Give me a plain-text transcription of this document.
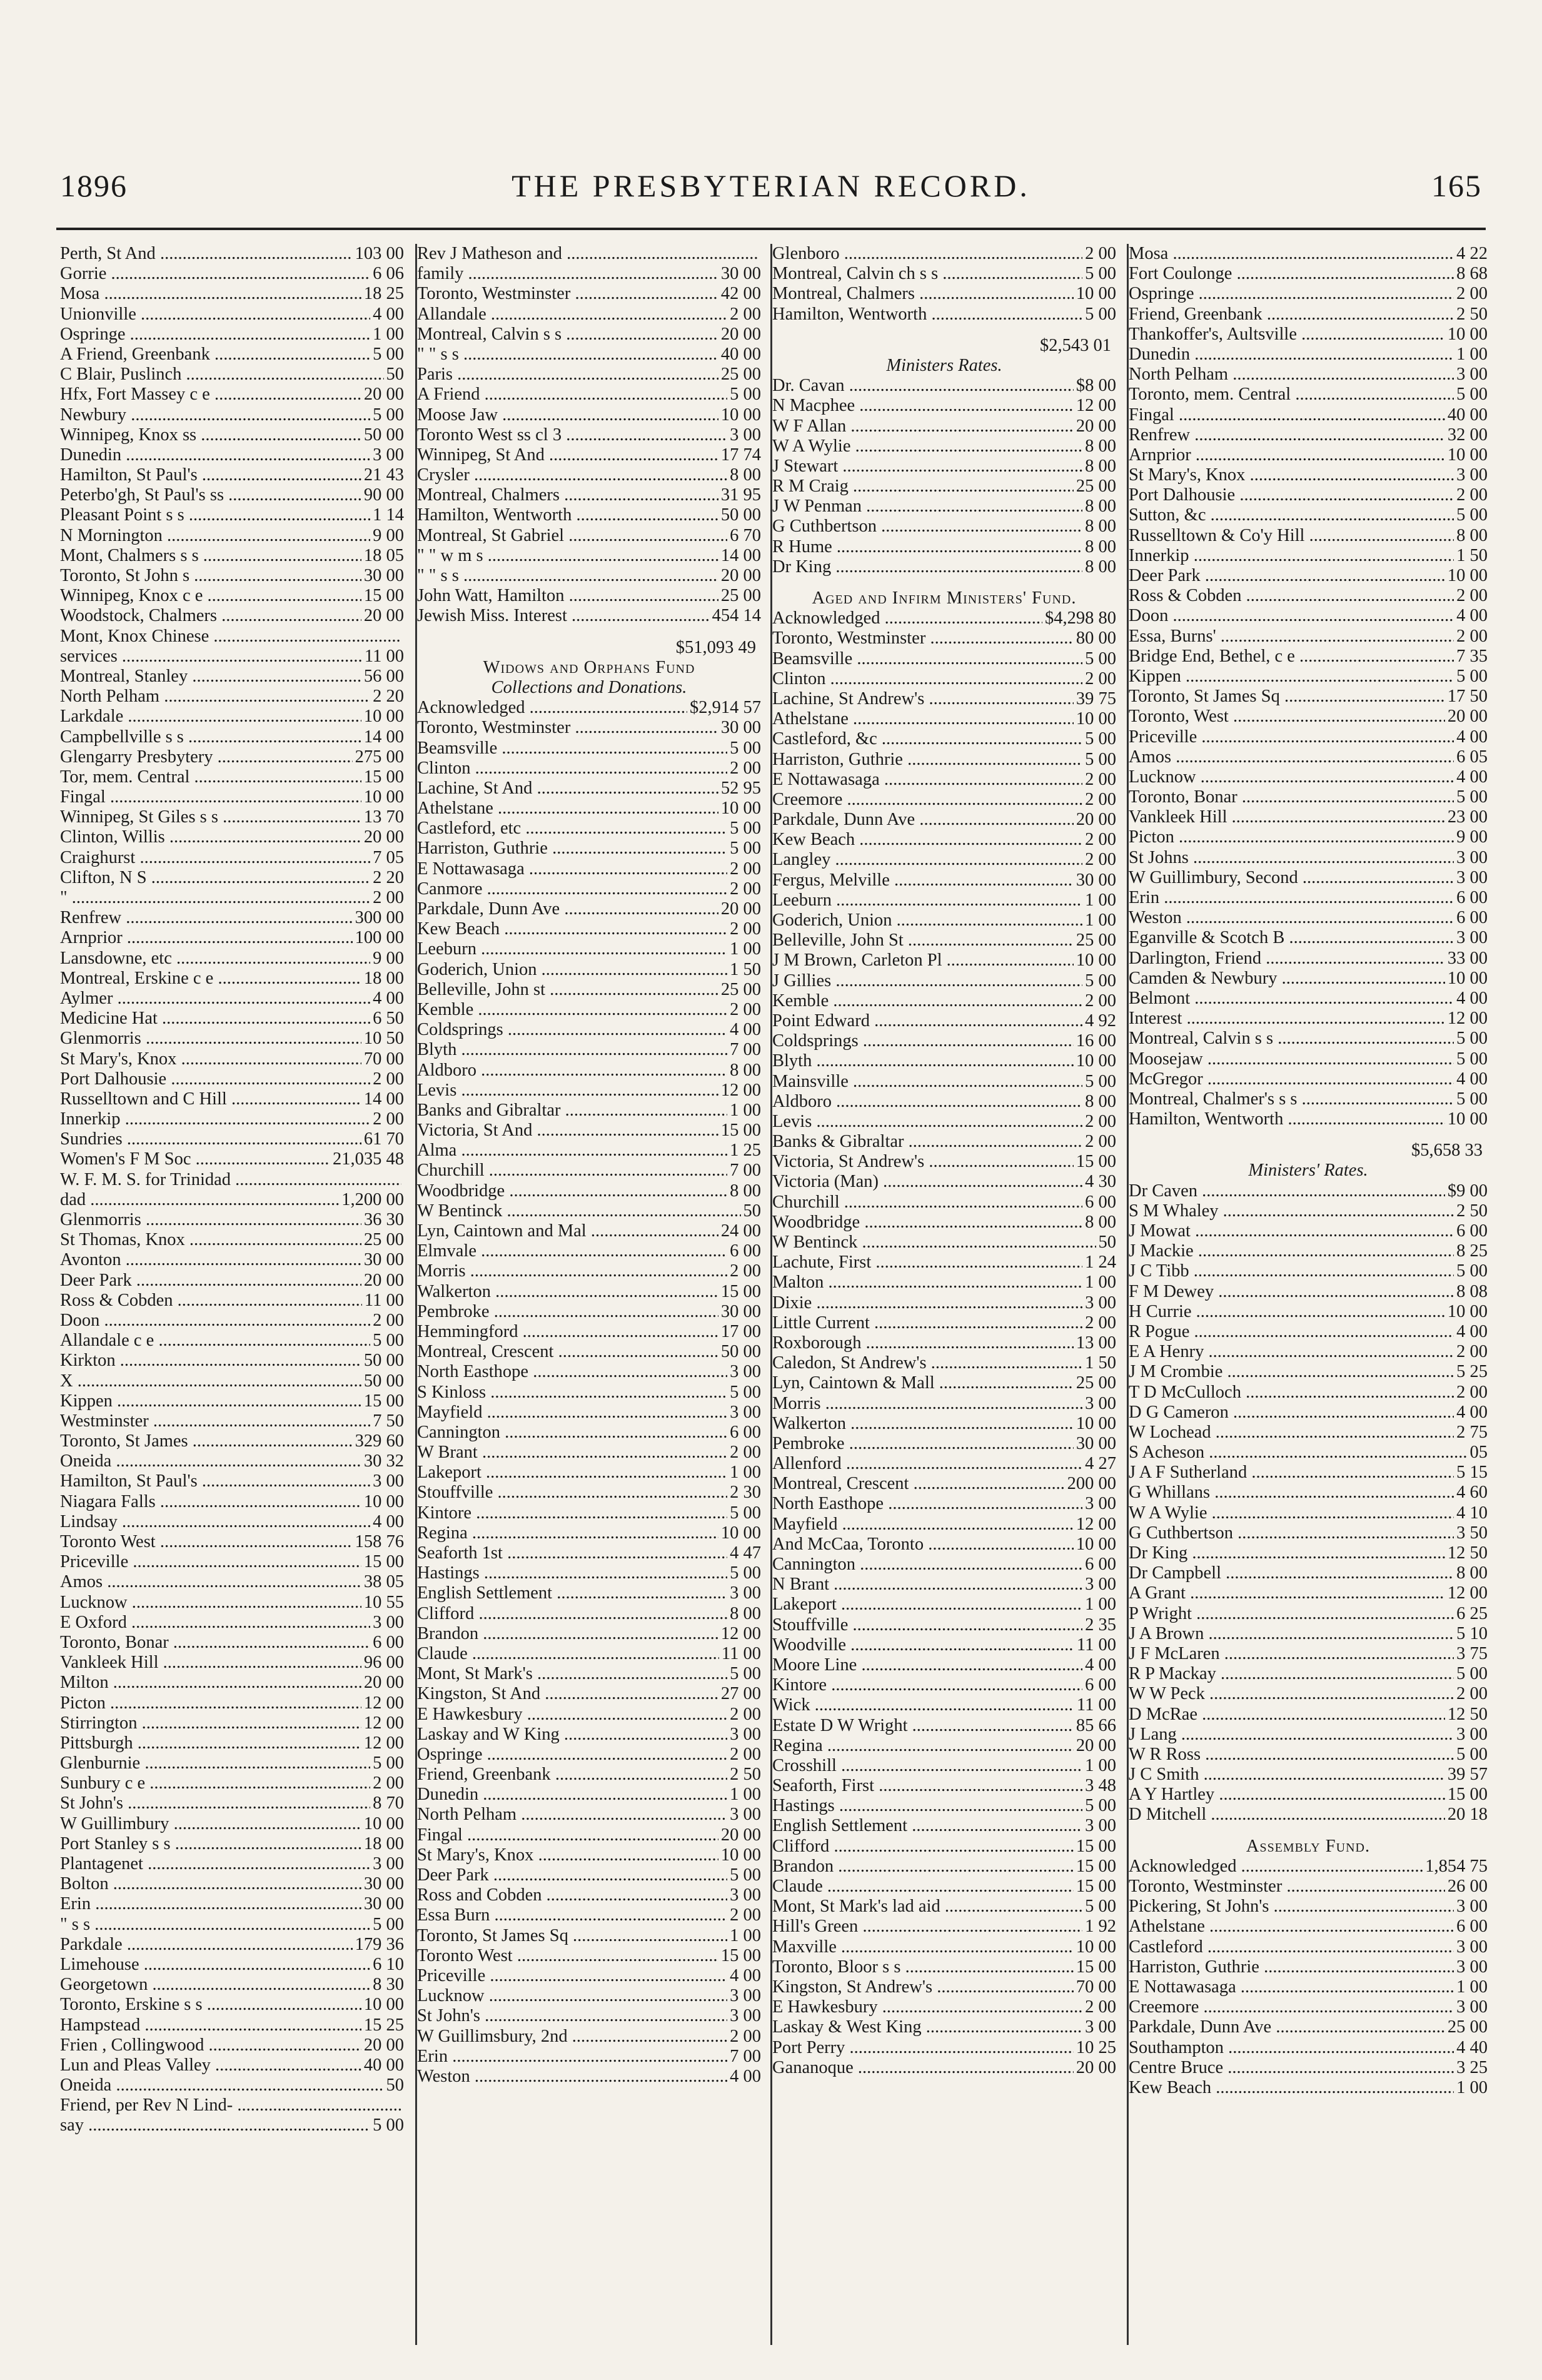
1896	THE PRESBYTERIAN RECORD.	165
Perth, St And .....	103 00
Gorrie .....	6 06
Mosa .....	18 25
Unionville .....	4 00
Ospringe .....	1 00
A Friend, Greenbank .....	5 00
C Blair, Puslinch .....	50
Hfx, Fort Massey c e .....	20 00
Newbury .....	5 00
Winnipeg, Knox ss .....	50 00
Dunedin .....	3 00
Hamilton, St Paul's .....	21 43
Peterbo'gh, St Paul's ss .....	90 00
Pleasant Point s s .....	1 14
N Mornington .....	9 00
Mont, Chalmers s s .....	18 05
Toronto, St John s .....	30 00
Winnipeg, Knox c e .....	15 00
Woodstock, Chalmers .....	20 00
Mont, Knox Chinese .....
services .....	11 00
Montreal, Stanley .....	56 00
North Pelham .....	2 20
Larkdale .....	10 00
Campbellville s s .....	14 00
Glengarry Presbytery .....	275 00
Tor, mem. Central .....	15 00
Fingal .....	10 00
Winnipeg, St Giles s s .....	13 70
Clinton, Willis .....	20 00
Craighurst .....	7 05
Clifton, N S .....	2 20
" .....	2 00
Renfrew .....	300 00
Arnprior .....	100 00
Lansdowne, etc .....	9 00
Montreal, Erskine c e .....	18 00
Aylmer .....	4 00
Medicine Hat .....	6 50
Glenmorris .....	10 50
St Mary's, Knox .....	70 00
Port Dalhousie .....	2 00
Russelltown and C Hill .....	14 00
Innerkip .....	2 00
Sundries .....	61 70
Women's F M Soc .....	21,035 48
W. F. M. S. for Trinidad .....
dad .....	1,200 00
Glenmorris .....	36 30
St Thomas, Knox .....	25 00
Avonton .....	30 00
Deer Park .....	20 00
Ross & Cobden .....	11 00
Doon .....	2 00
Allandale c e .....	5 00
Kirkton .....	50 00
X .....	50 00
Kippen .....	15 00
Westminster .....	7 50
Toronto, St James .....	329 60
Oneida .....	30 32
Hamilton, St Paul's .....	3 00
Niagara Falls .....	10 00
Lindsay .....	4 00
Toronto West .....	158 76
Priceville .....	15 00
Amos .....	38 05
Lucknow .....	10 55
E Oxford .....	3 00
Toronto, Bonar .....	6 00
Vankleek Hill .....	96 00
Milton .....	20 00
Picton .....	12 00
Stirrington .....	12 00
Pittsburgh .....	12 00
Glenburnie .....	5 00
Sunbury c e .....	2 00
St John's .....	8 70
W Guillimbury .....	10 00
Port Stanley s s .....	18 00
Plantagenet .....	3 00
Bolton .....	30 00
Erin .....	30 00
" s s .....	5 00
Parkdale .....	179 36
Limehouse .....	6 10
Georgetown .....	8 30
Toronto, Erskine s s .....	10 00
Hampstead .....	15 25
Frien , Collingwood .....	20 00
Lun and Pleas Valley .....	40 00
Oneida .....	50
Friend, per Rev N Lind- .....
say .....	5 00
Rev J Matheson and .....
family .....	30 00
Toronto, Westminster .....	42 00
Allandale .....	2 00
Montreal, Calvin s s .....	20 00
" " s s .....	40 00
Paris .....	25 00
A Friend .....	5 00
Moose Jaw .....	10 00
Toronto West ss cl 3 .....	3 00
Winnipeg, St And .....	17 74
Crysler .....	8 00
Montreal, Chalmers .....	31 95
Hamilton, Wentworth .....	50 00
Montreal, St Gabriel .....	6 70
" " w m s .....	14 00
" " s s .....	20 00
John Watt, Hamilton .....	25 00
Jewish Miss. Interest .....	454 14
$51,093 49
Widows and Orphans Fund
Collections and Donations.
Acknowledged .....	$2,914 57
Toronto, Westminster .....	30 00
Beamsville .....	5 00
Clinton .....	2 00
Lachine, St And .....	52 95
Athelstane .....	10 00
Castleford, etc .....	5 00
Harriston, Guthrie .....	5 00
E Nottawasaga .....	2 00
Canmore .....	2 00
Parkdale, Dunn Ave .....	20 00
Kew Beach .....	2 00
Leeburn .....	1 00
Goderich, Union .....	1 50
Belleville, John st .....	25 00
Kemble .....	2 00
Coldsprings .....	4 00
Blyth .....	7 00
Aldboro .....	8 00
Levis .....	12 00
Banks and Gibraltar .....	1 00
Victoria, St And .....	15 00
Alma .....	1 25
Churchill .....	7 00
Woodbridge .....	8 00
W Bentinck .....	50
Lyn, Caintown and Mal .....	24 00
Elmvale .....	6 00
Morris .....	2 00
Walkerton .....	15 00
Pembroke .....	30 00
Hemmingford .....	17 00
Montreal, Crescent .....	50 00
North Easthope .....	3 00
S Kinloss .....	5 00
Mayfield .....	3 00
Cannington .....	6 00
W Brant .....	2 00
Lakeport .....	1 00
Stouffville .....	2 30
Kintore .....	5 00
Regina .....	10 00
Seaforth 1st .....	4 47
Hastings .....	5 00
English Settlement .....	3 00
Clifford .....	8 00
Brandon .....	12 00
Claude .....	11 00
Mont, St Mark's .....	5 00
Kingston, St And .....	27 00
E Hawkesbury .....	2 00
Laskay and W King .....	3 00
Ospringe .....	2 00
Friend, Greenbank .....	2 50
Dunedin .....	1 00
North Pelham .....	3 00
Fingal .....	20 00
St Mary's, Knox .....	10 00
Deer Park .....	5 00
Ross and Cobden .....	3 00
Essa Burn .....	2 00
Toronto, St James Sq .....	1 00
Toronto West .....	15 00
Priceville .....	4 00
Lucknow .....	3 00
St John's .....	3 00
W Guillimsbury, 2nd .....	2 00
Erin .....	7 00
Weston .....	4 00
Glenboro .....	2 00
Montreal, Calvin ch s s .....	5 00
Montreal, Chalmers .....	10 00
Hamilton, Wentworth .....	5 00
$2,543 01
Ministers Rates.
Dr. Cavan .....	$8 00
N Macphee .....	12 00
W F Allan .....	20 00
W A Wylie .....	8 00
J Stewart .....	8 00
R M Craig .....	25 00
J W Penman .....	8 00
G Cuthbertson .....	8 00
R Hume .....	8 00
Dr King .....	8 00
Aged and Infirm Ministers' Fund.
Acknowledged .....	$4,298 80
Toronto, Westminster .....	80 00
Beamsville .....	5 00
Clinton .....	2 00
Lachine, St Andrew's .....	39 75
Athelstane .....	10 00
Castleford, &c .....	5 00
Harriston, Guthrie .....	5 00
E Nottawasaga .....	2 00
Creemore .....	2 00
Parkdale, Dunn Ave .....	20 00
Kew Beach .....	2 00
Langley .....	2 00
Fergus, Melville .....	30 00
Leeburn .....	1 00
Goderich, Union .....	1 00
Belleville, John St .....	25 00
J M Brown, Carleton Pl .....	10 00
J Gillies .....	5 00
Kemble .....	2 00
Point Edward .....	4 92
Coldsprings .....	16 00
Blyth .....	10 00
Mainsville .....	5 00
Aldboro .....	8 00
Levis .....	2 00
Banks & Gibraltar .....	2 00
Victoria, St Andrew's .....	15 00
Victoria (Man) .....	4 30
Churchill .....	6 00
Woodbridge .....	8 00
W Bentinck .....	50
Lachute, First .....	1 24
Malton .....	1 00
Dixie .....	3 00
Little Current .....	2 00
Roxborough .....	13 00
Caledon, St Andrew's .....	1 50
Lyn, Caintown & Mall .....	25 00
Morris .....	3 00
Walkerton .....	10 00
Pembroke .....	30 00
Allenford .....	4 27
Montreal, Crescent .....	200 00
North Easthope .....	3 00
Mayfield .....	12 00
And McCaa, Toronto .....	10 00
Cannington .....	6 00
N Brant .....	3 00
Lakeport .....	1 00
Stouffville .....	2 35
Woodville .....	11 00
Moore Line .....	4 00
Kintore .....	6 00
Wick .....	11 00
Estate D W Wright .....	85 66
Regina .....	20 00
Crosshill .....	1 00
Seaforth, First .....	3 48
Hastings .....	5 00
English Settlement .....	3 00
Clifford .....	15 00
Brandon .....	15 00
Claude .....	15 00
Mont, St Mark's lad aid .....	5 00
Hill's Green .....	1 92
Maxville .....	10 00
Toronto, Bloor s s .....	15 00
Kingston, St Andrew's .....	70 00
E Hawkesbury .....	2 00
Laskay & West King .....	3 00
Port Perry .....	10 25
Gananoque .....	20 00
Mosa .....	4 22
Fort Coulonge .....	8 68
Ospringe .....	2 00
Friend, Greenbank .....	2 50
Thankoffer's, Aultsville .....	10 00
Dunedin .....	1 00
North Pelham .....	3 00
Toronto, mem. Central .....	5 00
Fingal .....	40 00
Renfrew .....	32 00
Arnprior .....	10 00
St Mary's, Knox .....	3 00
Port Dalhousie .....	2 00
Sutton, &c .....	5 00
Russelltown & Co'y Hill .....	8 00
Innerkip .....	1 50
Deer Park .....	10 00
Ross & Cobden .....	2 00
Doon .....	4 00
Essa, Burns' .....	2 00
Bridge End, Bethel, c e .....	7 35
Kippen .....	5 00
Toronto, St James Sq .....	17 50
Toronto, West .....	20 00
Priceville .....	4 00
Amos .....	6 05
Lucknow .....	4 00
Toronto, Bonar .....	5 00
Vankleek Hill .....	23 00
Picton .....	9 00
St Johns .....	3 00
W Guillimbury, Second .....	3 00
Erin .....	6 00
Weston .....	6 00
Eganville & Scotch B .....	3 00
Darlington, Friend .....	33 00
Camden & Newbury .....	10 00
Belmont .....	4 00
Interest .....	12 00
Montreal, Calvin s s .....	5 00
Moosejaw .....	5 00
McGregor .....	4 00
Montreal, Chalmer's s s .....	5 00
Hamilton, Wentworth .....	10 00
$5,658 33
Ministers' Rates.
Dr Caven .....	$9 00
S M Whaley .....	2 50
J Mowat .....	6 00
J Mackie .....	8 25
J C Tibb .....	5 00
F M Dewey .....	8 08
H Currie .....	10 00
R Pogue .....	4 00
E A Henry .....	2 00
J M Crombie .....	5 25
T D McCulloch .....	2 00
D G Cameron .....	4 00
W Lochead .....	2 75
S Acheson .....	05
J A F Sutherland .....	5 15
G Whillans .....	4 60
W A Wylie .....	4 10
G Cuthbertson .....	3 50
Dr King .....	12 50
Dr Campbell .....	8 00
A Grant .....	12 00
P Wright .....	6 25
J A Brown .....	5 10
J F McLaren .....	3 75
R P Mackay .....	5 00
W W Peck .....	2 00
D McRae .....	12 50
J Lang .....	3 00
W R Ross .....	5 00
J C Smith .....	39 57
A Y Hartley .....	15 00
D Mitchell .....	20 18
Assembly Fund.
Acknowledged .....	1,854 75
Toronto, Westminster .....	26 00
Pickering, St John's .....	3 00
Athelstane .....	6 00
Castleford .....	3 00
Harriston, Guthrie .....	3 00
E Nottawasaga .....	1 00
Creemore .....	3 00
Parkdale, Dunn Ave .....	25 00
Southampton .....	4 40
Centre Bruce .....	3 25
Kew Beach .....	1 00
